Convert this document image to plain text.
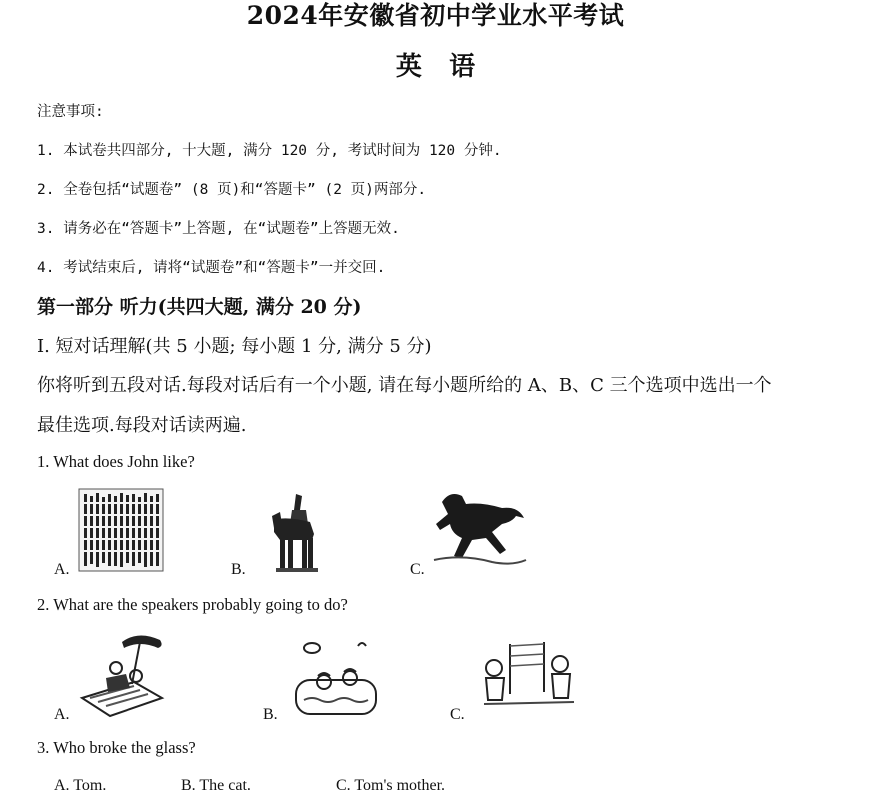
2024年安徽省初中学业水平考试
英   语
注意事项:
1. 本试卷共四部分, 十大题, 满分 120 分, 考试时间为 120 分钟.
2. 全卷包括“试题卷” (8 页)和“答题卡” (2 页)两部分.
3. 请务必在“答题卡”上答题, 在“试题卷”上答题无效.
4. 考试结束后, 请将“试题卷”和“答题卡”一并交回.
第一部分 听力(共四大题, 满分 20 分)
I. 短对话理解(共 5 小题; 每小题 1 分, 满分 5 分)
你将听到五段对话.每段对话后有一个小题, 请在每小题所给的 A、B、C 三个选项中选出一个
最佳选项.每段对话读两遍.
1. What does John like?
A.	B.	C.
2. What are the speakers probably going to do?
A.	B.	C.
3. Who broke the glass?
A. Tom.	B. The cat.	C. Tom's mother.
